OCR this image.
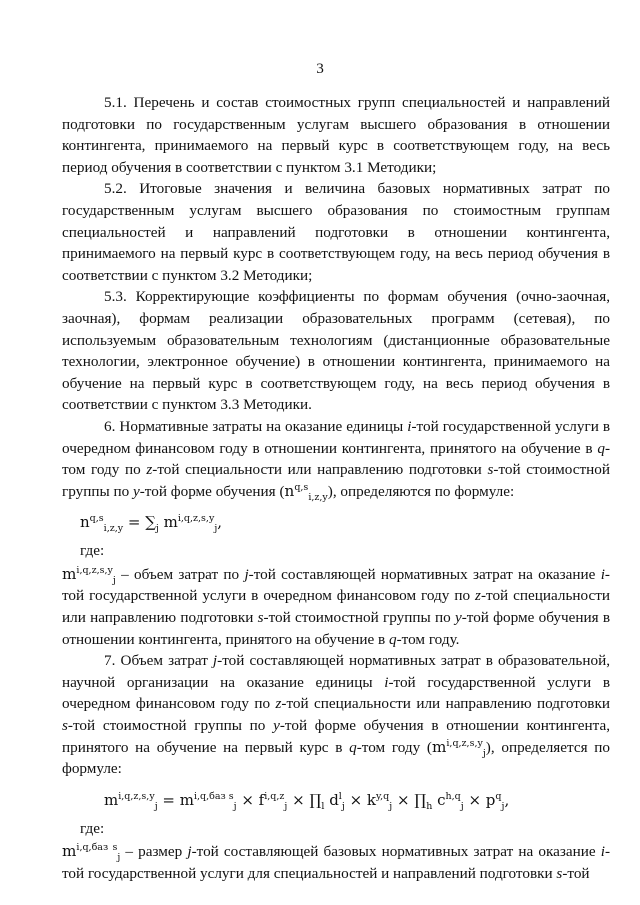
3

5.1. Перечень и состав стоимостных групп специальностей и направлений подготовки по государственным услугам высшего образования в отношении контингента, принимаемого на первый курс в соответствующем году, на весь период обучения в соответствии с пунктом 3.1 Методики;

5.2. Итоговые значения и величина базовых нормативных затрат по государственным услугам высшего образования по стоимостным группам специальностей и направлений подготовки в отношении контингента, принимаемого на первый курс в соответствующем году, на весь период обучения в соответствии с пунктом 3.2 Методики;

5.3. Корректирующие коэффициенты по формам обучения (очно-заочная, заочная), формам реализации образовательных программ (сетевая), по используемым образовательным технологиям (дистанционные образовательные технологии, электронное обучение) в отношении контингента, принимаемого на обучение на первый курс в соответствующем году, на весь период обучения в соответствии с пунктом 3.3 Методики.

6. Нормативные затраты на оказание единицы i-той государственной услуги в очередном финансовом году в отношении контингента, принятого на обучение в q-том году по z-той специальности или направлению подготовки s-той стоимостной группы по y-той форме обучения $(n^{q,s}_{i,z,y})$, определяются по формуле:

$n^{q,s}_{i,z,y} = \sum_j$ $m^{i,q,z,s,y}_j$,
где:

$m^{i,q,z,s,y}_j$ – объем затрат по j-той составляющей нормативных затрат на оказание i-той государственной услуги в очередном финансовом году по z-той специальности или направлению подготовки s-той стоимостной группы по y-той форме обучения в отношении контингента, принятого на обучение в q-том году.

7. Объем затрат j-той составляющей нормативных затрат в образовательной, научной организации на оказание единицы i-той государственной услуги в очередном финансовом году по z-той специальности или направлению подготовки s-той стоимостной группы по y-той форме обучения в отношении контингента, принятого на обучение на первый курс в q-том году $(m^{i,q,z,s,y}_j)$, определяется по формуле:

$m^{i,q,z,s,y}_j = m^{i,q,баз s}_j \times f^{i,q,z}_j$ × $\prod_l$ $d^l_j \times k^{y,q}_j$ × $\prod_h$ $c^{h,q}_j \times p^q_j$,
где:

$m^{i,q,баз s}_j$ – размер j-той составляющей базовых нормативных затрат на оказание i-той государственной услуги для специальностей и направлений подготовки s-той
